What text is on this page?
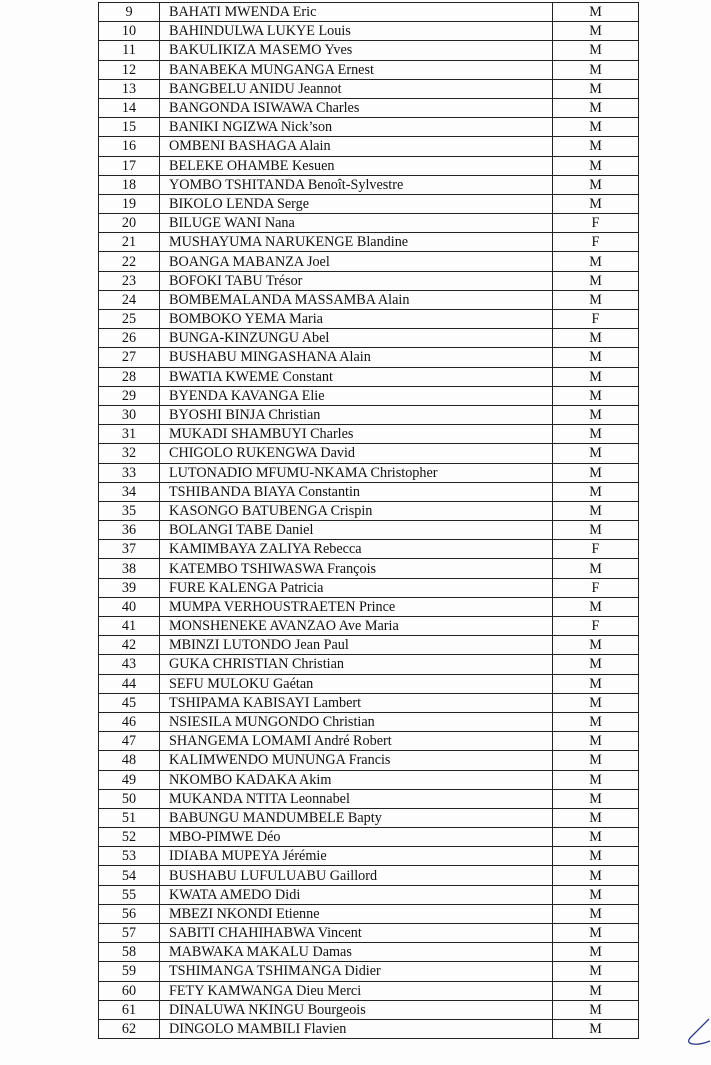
9	BAHATI MWENDA Eric	M
10	BAHINDULWA LUKYE Louis	M
11	BAKULIKIZA MASEMO Yves	M
12	BANABEKA MUNGANGA Ernest	M
13	BANGBELU ANIDU Jeannot	M
14	BANGONDA ISIWAWA Charles	M
15	BANIKI NGIZWA Nick’son	M
16	OMBENI BASHAGA Alain	M
17	BELEKE OHAMBE Kesuen	M
18	YOMBO TSHITANDA Benoît-Sylvestre	M
19	BIKOLO LENDA Serge	M
20	BILUGE WANI Nana	F
21	MUSHAYUMA NARUKENGE Blandine	F
22	BOANGA MABANZA Joel	M
23	BOFOKI TABU Trésor	M
24	BOMBEMALANDA MASSAMBA Alain	M
25	BOMBOKO YEMA Maria	F
26	BUNGA-KINZUNGU Abel	M
27	BUSHABU MINGASHANA Alain	M
28	BWATIA KWEME Constant	M
29	BYENDA KAVANGA Elie	M
30	BYOSHI BINJA Christian	M
31	MUKADI SHAMBUYI Charles	M
32	CHIGOLO RUKENGWA David	M
33	LUTONADIO MFUMU-NKAMA Christopher	M
34	TSHIBANDA BIAYA Constantin	M
35	KASONGO BATUBENGA Crispin	M
36	BOLANGI TABE Daniel	M
37	KAMIMBAYA ZALIYA Rebecca	F
38	KATEMBO TSHIWASWA François	M
39	FURE KALENGA Patricia	F
40	MUMPA VERHOUSTRAETEN Prince	M
41	MONSHENEKE AVANZAO Ave Maria	F
42	MBINZI LUTONDO Jean Paul	M
43	GUKA CHRISTIAN Christian	M
44	SEFU MULOKU Gaétan	M
45	TSHIPAMA KABISAYI Lambert	M
46	NSIESILA MUNGONDO Christian	M
47	SHANGEMA LOMAMI André Robert	M
48	KALIMWENDO MUNUNGA Francis	M
49	NKOMBO KADAKA Akim	M
50	MUKANDA NTITA Leonnabel	M
51	BABUNGU MANDUMBELE Bapty	M
52	MBO-PIMWE Déo	M
53	IDIABA MUPEYA Jérémie	M
54	BUSHABU LUFULUABU Gaillord	M
55	KWATA AMEDO Didi	M
56	MBEZI NKONDI Etienne	M
57	SABITI CHAHIHABWA Vincent	M
58	MABWAKA MAKALU Damas	M
59	TSHIMANGA TSHIMANGA Didier	M
60	FETY KAMWANGA Dieu Merci	M
61	DINALUWA NKINGU Bourgeois	M
62	DINGOLO MAMBILI Flavien	M
